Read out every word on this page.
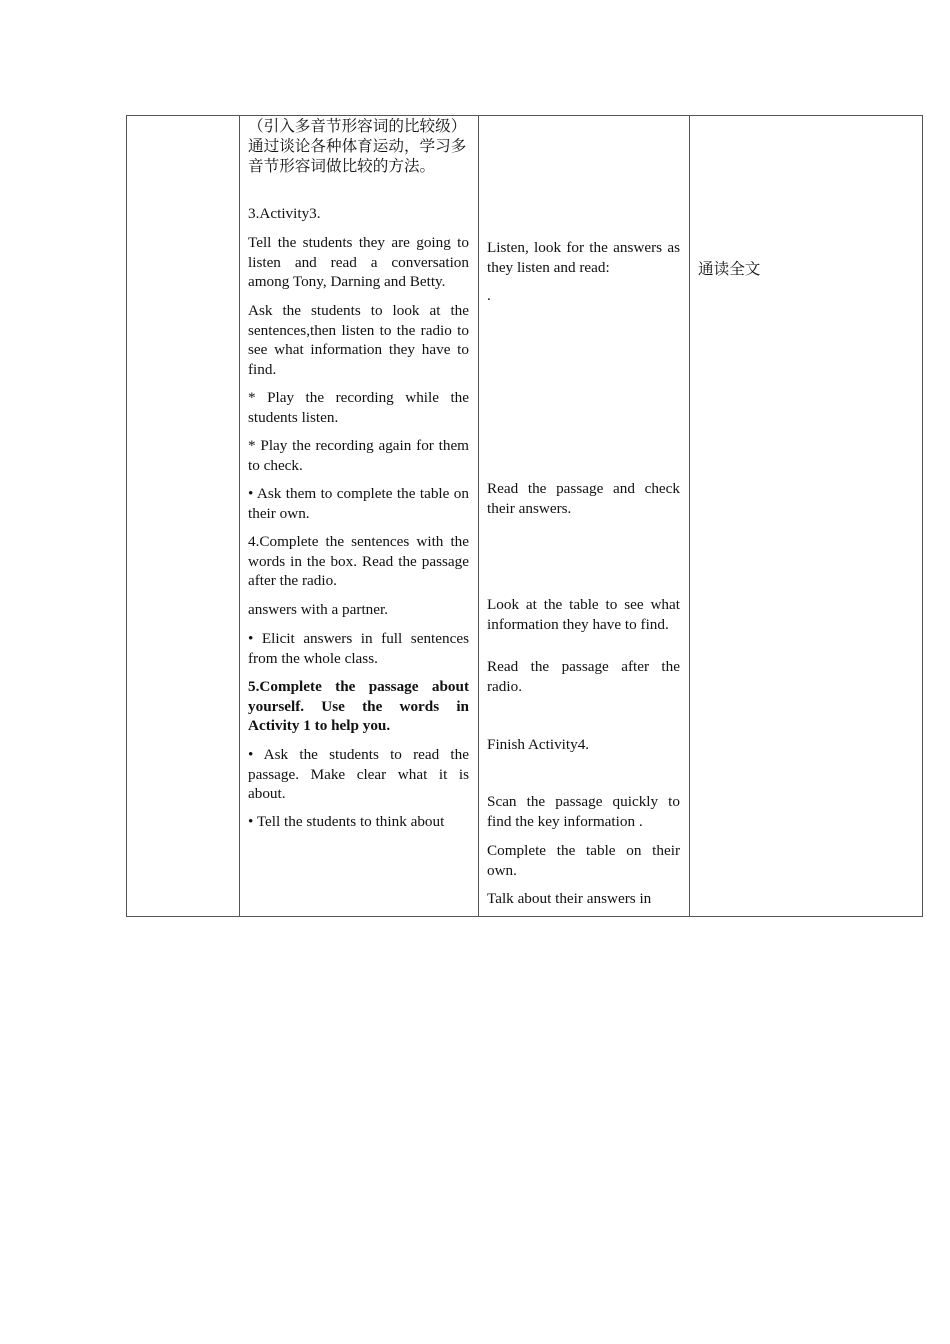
（引入多音节形容词的比较级）通过谈论各种体育运动，学习多音节形容词做比较的方法。
3.Activity3.
Tell the students they are going to listen and read a conversation among Tony, Darning and Betty.
Ask the students to look at the sentences,then listen to the radio to see what information they have to find.
* Play the recording while the students listen.
* Play the recording again for them to check.
• Ask them to complete the table on their own.
4.Complete the sentences with the words in the box. Read the passage after the radio.
answers with a partner.
• Elicit answers in full sentences from the whole class.
5.Complete the passage about yourself. Use the words in Activity 1 to help you.
• Ask the students to read the passage. Make clear what it is about.
• Tell the students to think about

Listen, look for the answers as they listen and read:
.
Read the passage and check their answers.
Look at the table to see what information they have to find.
Read the passage after the radio.
Finish Activity4.
Scan the passage quickly to find the key information .
Complete the table on their own.
Talk about their answers in

通读全文
